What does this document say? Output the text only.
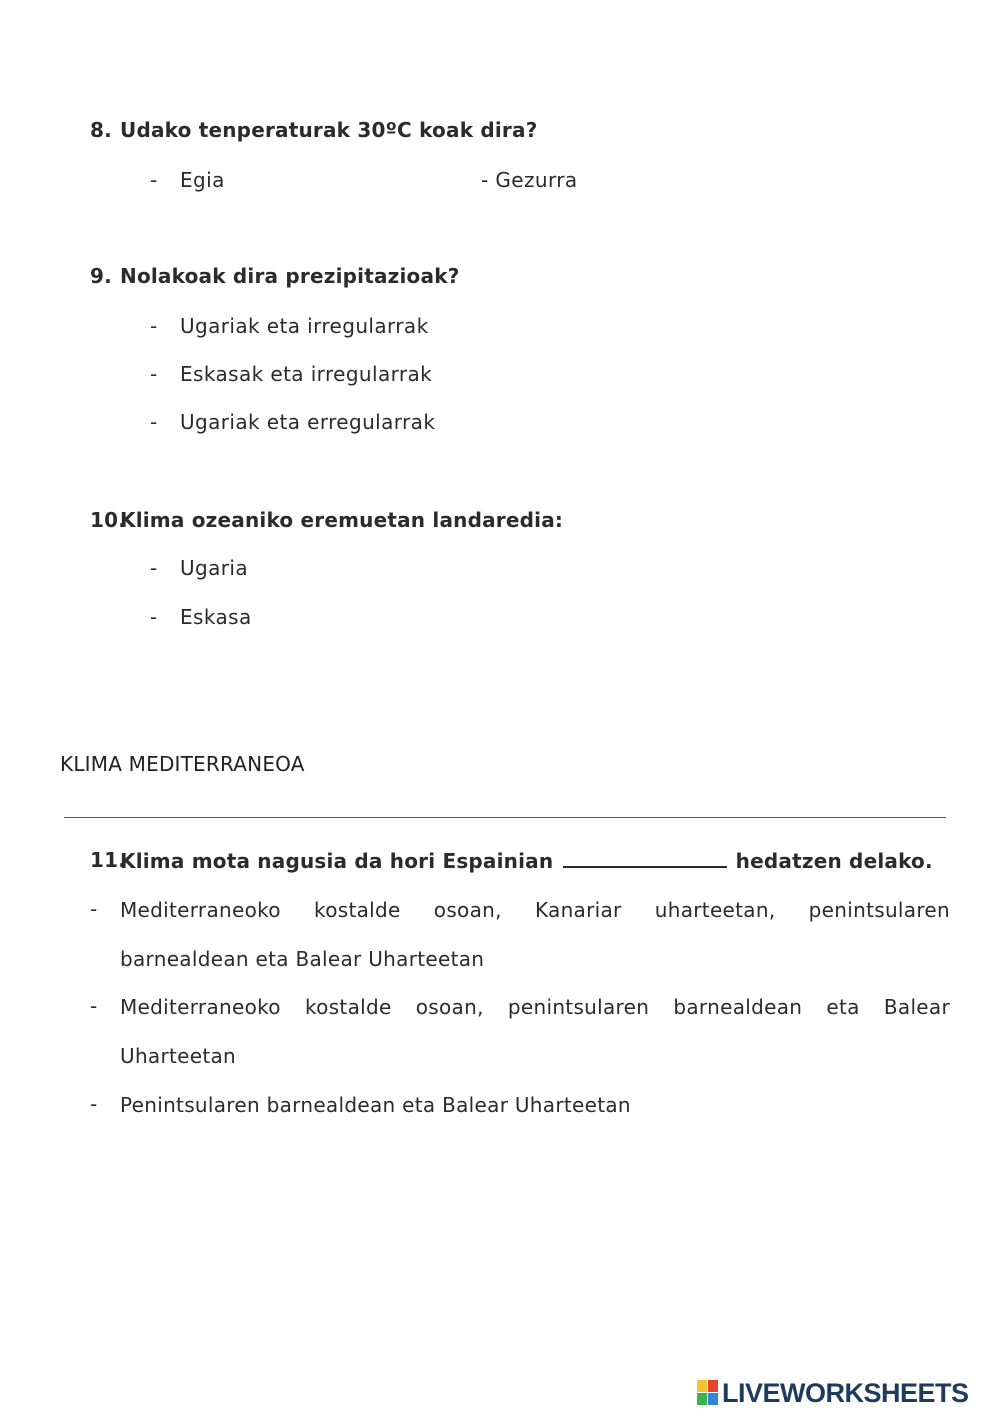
8. Udako tenperaturak 30ºC koak dira?
- Egia	- Gezurra
9. Nolakoak dira prezipitazioak?
- Ugariak eta irregularrak
- Eskasak eta irregularrak
- Ugariak eta erregularrak
10.
Klima ozeaniko eremuetan landaredia:
- Ugaria
- Eskasa
KLIMA MEDITERRANEOA
11.
Klima mota nagusia da hori Espainian	hedatzen delako.
- Mediterraneoko kostalde osoan, Kanariar uharteetan, penintsularen barnealdean eta Balear Uharteetan
- Mediterraneoko kostalde osoan, penintsularen barnealdean eta Balear Uharteetan
- Penintsularen barnealdean eta Balear Uharteetan
LIVEWORKSHEETS
